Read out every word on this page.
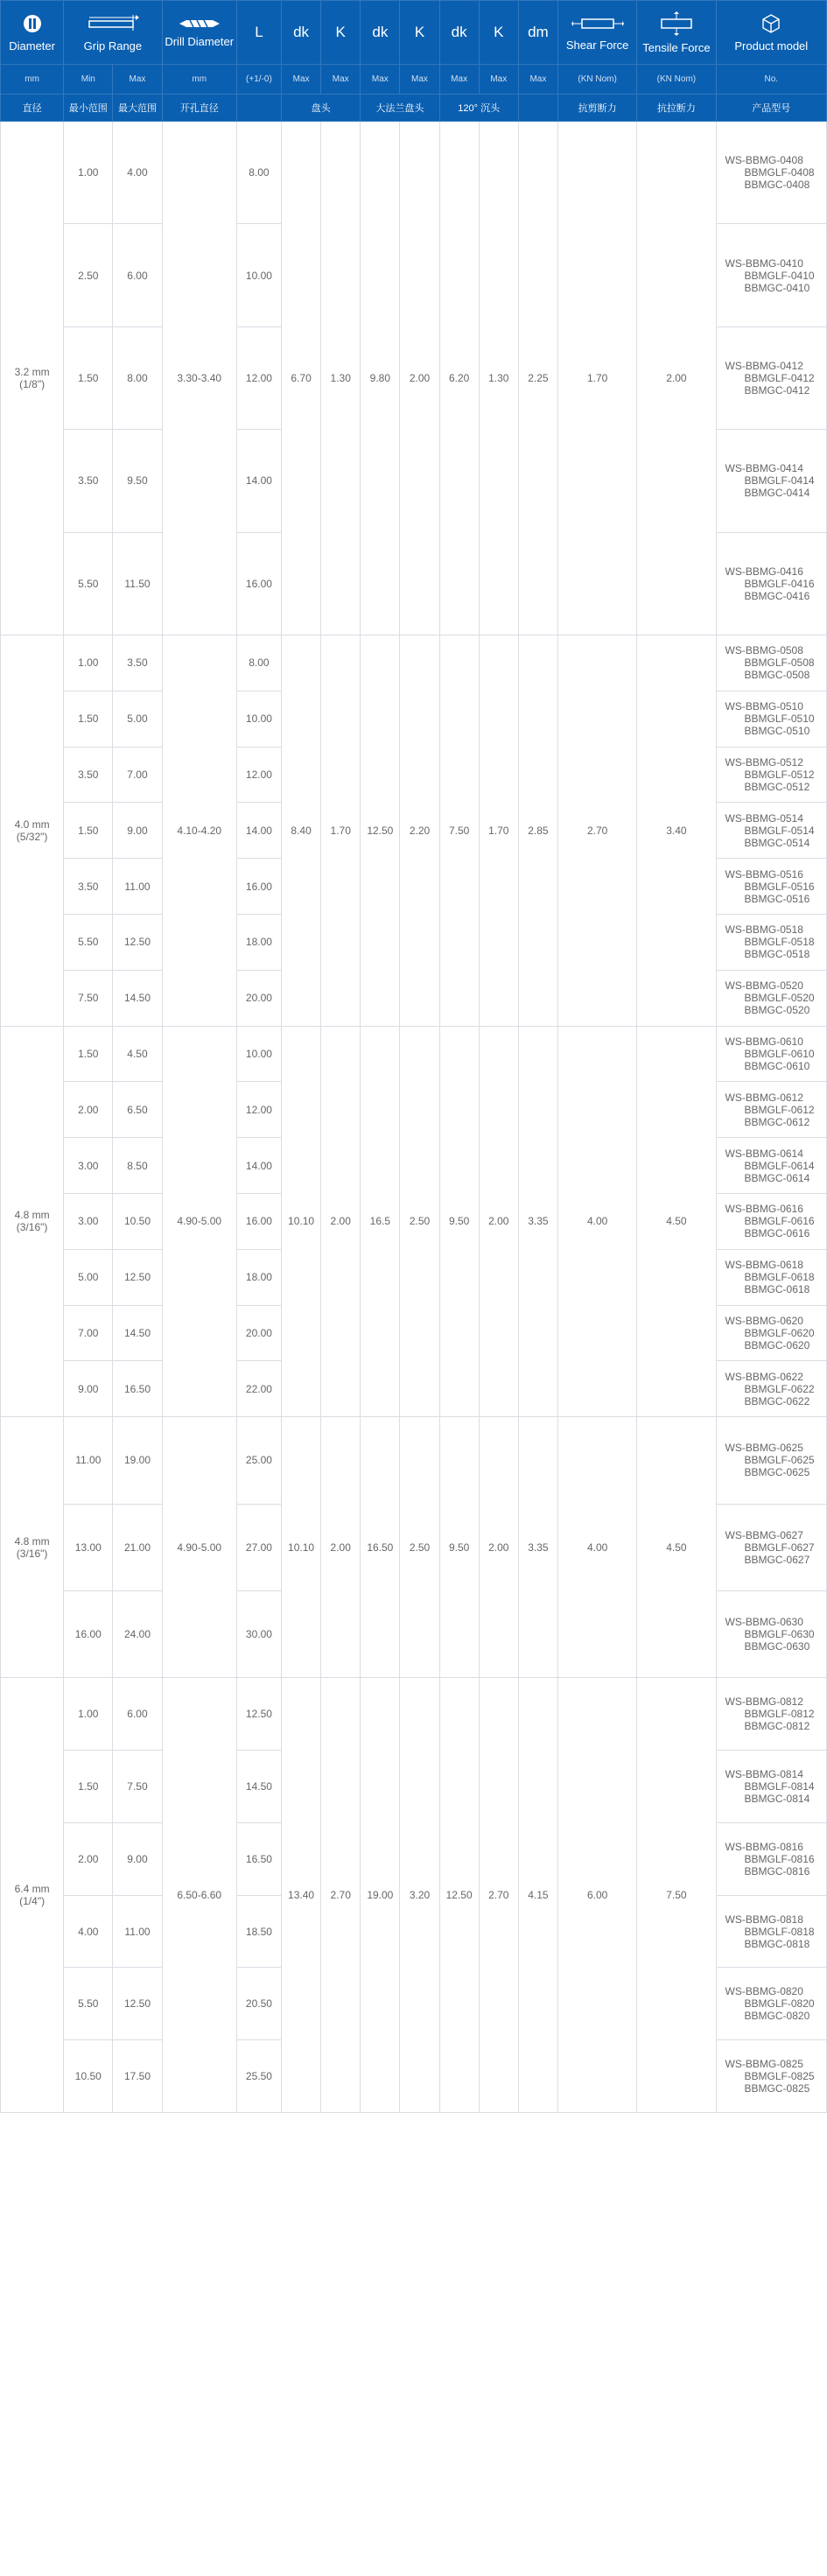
Diameter	Grip Range		Drill Diameter	L	dk	K	dk	K	dk	K	dm	Shear Force	Tensile Force	Product model

mm	Min	Max	mm	(+1/-0)	Max	Max	Max	Max	Max	Max	Max	(KN Nom)	(KN Nom)	No.
直径	最小范围	最大范围	开孔直径		盘头		大法兰盘头		120° 沉头			抗剪断力	抗拉断力	产品型号
3.2 mm
(1/8")	1.00	4.00	3.30-3.40	8.00	6.70	1.30	9.80	2.00	6.20	1.30	2.25	1.70	2.00	WS-BBMG-0408
BBMGLF-0408
BBMGC-0408

	2.50	6.00		10.00										WS-BBMG-0410
BBMGLF-0410
BBMGC-0410

	1.50	8.00		12.00										WS-BBMG-0412
BBMGLF-0412
BBMGC-0412

	3.50	9.50		14.00										WS-BBMG-0414
BBMGLF-0414
BBMGC-0414

	5.50	11.50		16.00										WS-BBMG-0416
BBMGLF-0416
BBMGC-0416

4.0 mm
(5/32")	1.00	3.50	4.10-4.20	8.00	8.40	1.70	12.50	2.20	7.50	1.70	2.85	2.70	3.40	WS-BBMG-0508
BBMGLF-0508
BBMGC-0508

	1.50	5.00		10.00										WS-BBMG-0510
BBMGLF-0510
BBMGC-0510

	3.50	7.00		12.00										WS-BBMG-0512
BBMGLF-0512
BBMGC-0512

	1.50	9.00		14.00										WS-BBMG-0514
BBMGLF-0514
BBMGC-0514

	3.50	11.00		16.00										WS-BBMG-0516
BBMGLF-0516
BBMGC-0516

	5.50	12.50		18.00										WS-BBMG-0518
BBMGLF-0518
BBMGC-0518

	7.50	14.50		20.00										WS-BBMG-0520
BBMGLF-0520
BBMGC-0520

4.8 mm
(3/16")	1.50	4.50	4.90-5.00	10.00	10.10	2.00	16.5	2.50	9.50	2.00	3.35	4.00	4.50	WS-BBMG-0610
BBMGLF-0610
BBMGC-0610

	2.00	6.50		12.00										WS-BBMG-0612
BBMGLF-0612
BBMGC-0612

	3.00	8.50		14.00										WS-BBMG-0614
BBMGLF-0614
BBMGC-0614

	3.00	10.50		16.00										WS-BBMG-0616
BBMGLF-0616
BBMGC-0616

	5.00	12.50		18.00										WS-BBMG-0618
BBMGLF-0618
BBMGC-0618

	7.00	14.50		20.00										WS-BBMG-0620
BBMGLF-0620
BBMGC-0620

	9.00	16.50		22.00										WS-BBMG-0622
BBMGLF-0622
BBMGC-0622

4.8 mm
(3/16")	11.00	19.00	4.90-5.00	25.00	10.10	2.00	16.50	2.50	9.50	2.00	3.35	4.00	4.50	WS-BBMG-0625
BBMGLF-0625
BBMGC-0625

	13.00	21.00		27.00										WS-BBMG-0627
BBMGLF-0627
BBMGC-0627

	16.00	24.00		30.00										WS-BBMG-0630
BBMGLF-0630
BBMGC-0630

6.4 mm
(1/4")	1.00	6.00	6.50-6.60	12.50	13.40	2.70	19.00	3.20	12.50	2.70	4.15	6.00	7.50	WS-BBMG-0812
BBMGLF-0812
BBMGC-0812

	1.50	7.50		14.50										WS-BBMG-0814
BBMGLF-0814
BBMGC-0814

	2.00	9.00		16.50										WS-BBMG-0816
BBMGLF-0816
BBMGC-0816

	4.00	11.00		18.50										WS-BBMG-0818
BBMGLF-0818
BBMGC-0818

	5.50	12.50		20.50										WS-BBMG-0820
BBMGLF-0820
BBMGC-0820

	10.50	17.50		25.50										WS-BBMG-0825
BBMGLF-0825
BBMGC-0825
